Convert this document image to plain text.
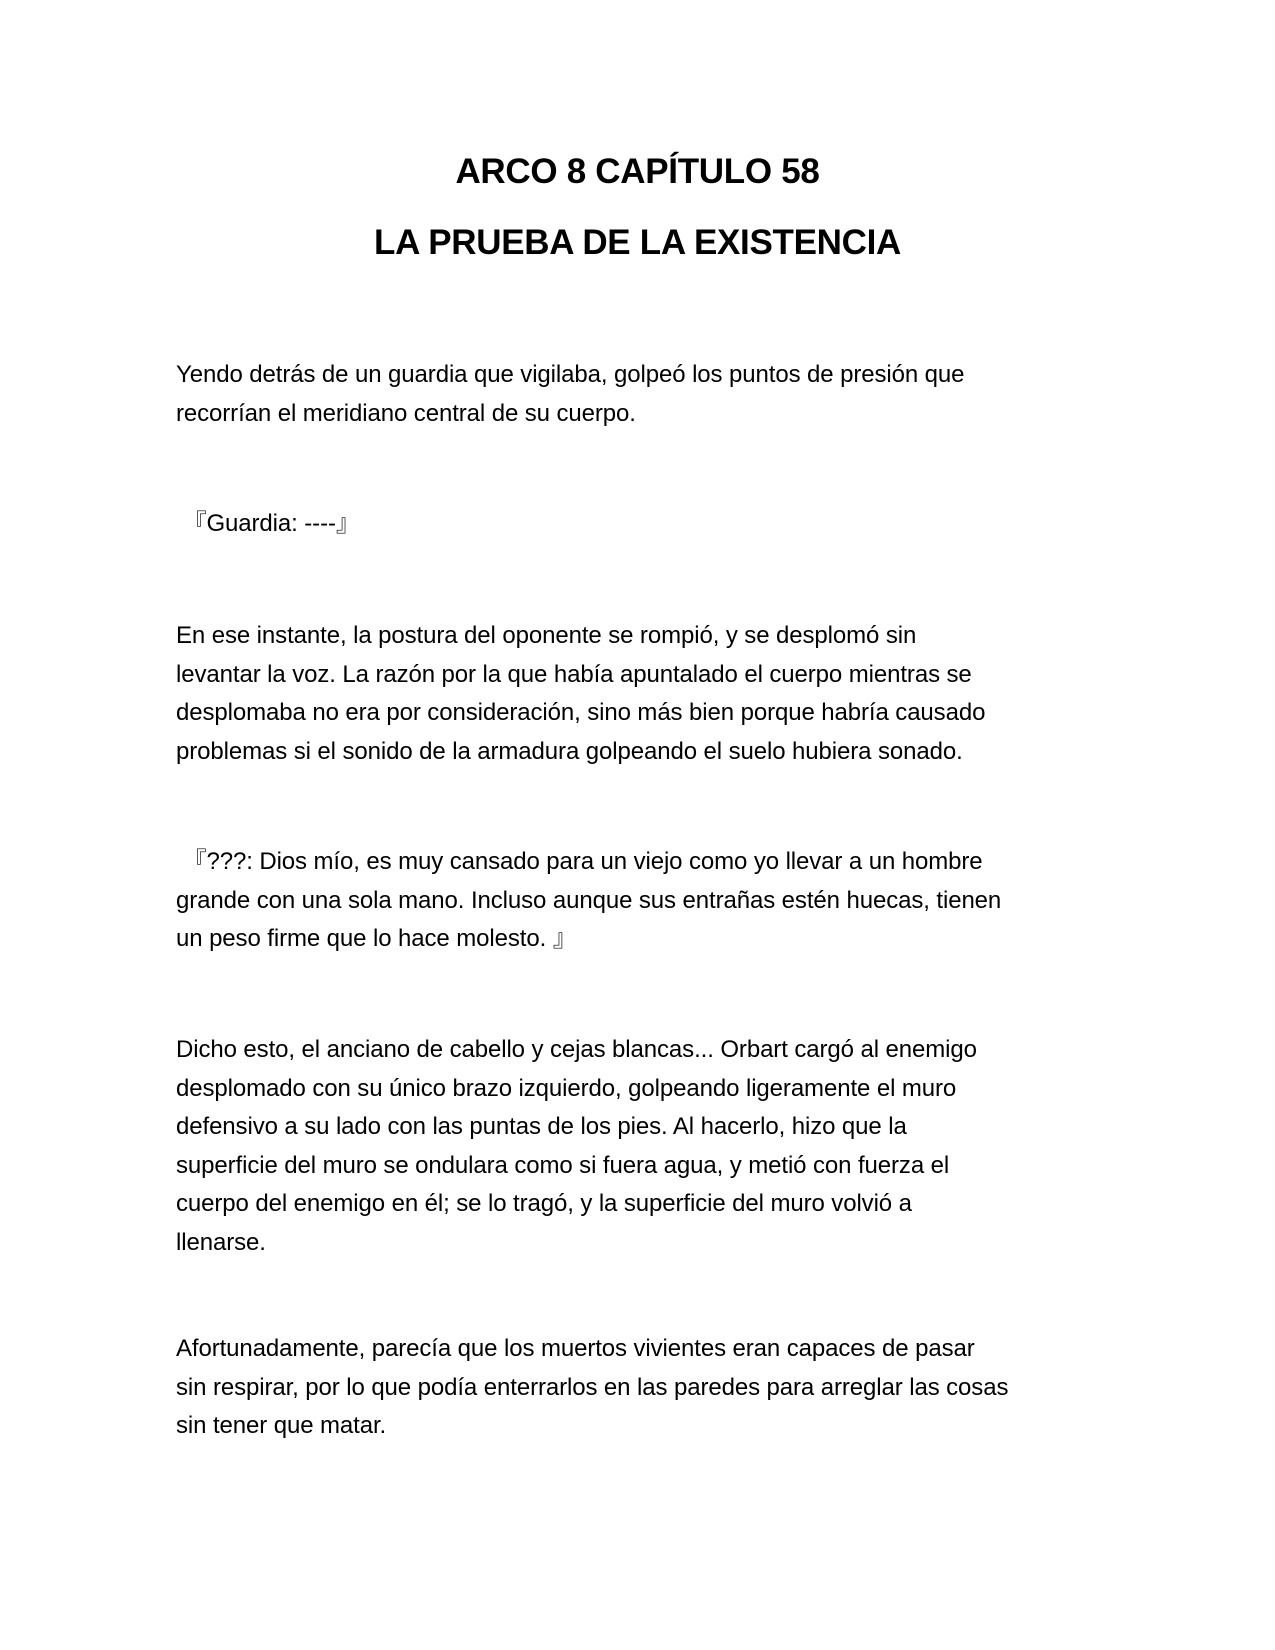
ARCO 8 CAPÍTULO 58
LA PRUEBA DE LA EXISTENCIA

Yendo detrás de un guardia que vigilaba, golpeó los puntos de presión que
recorrían el meridiano central de su cuerpo.

『Guardia: ----』

En ese instante, la postura del oponente se rompió, y se desplomó sin
levantar la voz. La razón por la que había apuntalado el cuerpo mientras se
desplomaba no era por consideración, sino más bien porque habría causado
problemas si el sonido de la armadura golpeando el suelo hubiera sonado.

『???: Dios mío, es muy cansado para un viejo como yo llevar a un hombre
grande con una sola mano. Incluso aunque sus entrañas estén huecas, tienen
un peso firme que lo hace molesto. 』

Dicho esto, el anciano de cabello y cejas blancas... Orbart cargó al enemigo
desplomado con su único brazo izquierdo, golpeando ligeramente el muro
defensivo a su lado con las puntas de los pies. Al hacerlo, hizo que la
superficie del muro se ondulara como si fuera agua, y metió con fuerza el
cuerpo del enemigo en él; se lo tragó, y la superficie del muro volvió a
llenarse.

Afortunadamente, parecía que los muertos vivientes eran capaces de pasar
sin respirar, por lo que podía enterrarlos en las paredes para arreglar las cosas
sin tener que matar.
